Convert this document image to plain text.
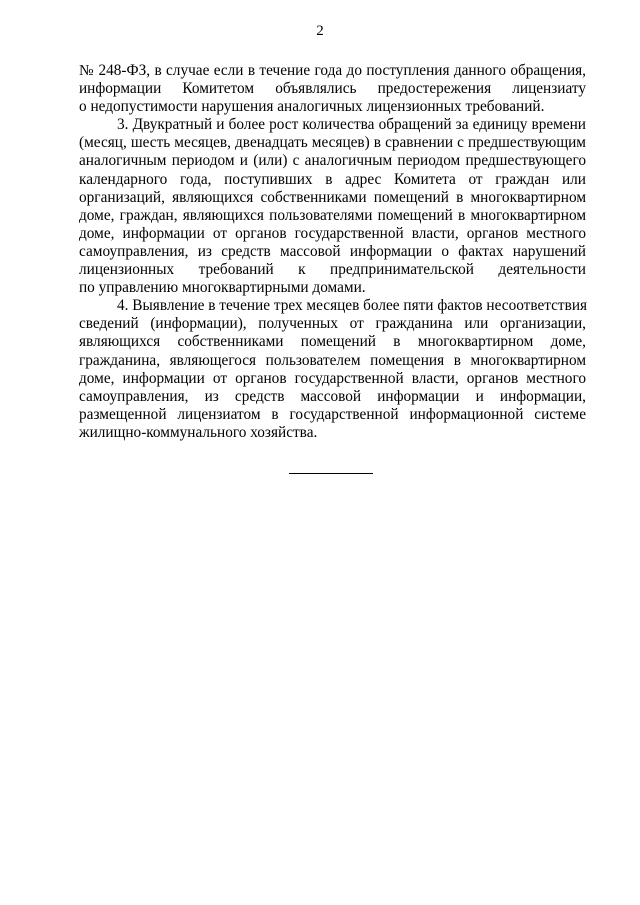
2
№ 248-ФЗ, в случае если в течение года до поступления данного обращения,
информации Комитетом объявлялись предостережения лицензиату
о недопустимости нарушения аналогичных лицензионных требований.
3. Двукратный и более рост количества обращений за единицу времени
(месяц, шесть месяцев, двенадцать месяцев) в сравнении с предшествующим
аналогичным периодом и (или) с аналогичным периодом предшествующего
календарного года, поступивших в адрес Комитета от граждан или
организаций, являющихся собственниками помещений в многоквартирном
доме, граждан, являющихся пользователями помещений в многоквартирном
доме, информации от органов государственной власти, органов местного
самоуправления, из средств массовой информации о фактах нарушений
лицензионных требований к предпринимательской деятельности
по управлению многоквартирными домами.
4. Выявление в течение трех месяцев более пяти фактов несоответствия
сведений (информации), полученных от гражданина или организации,
являющихся собственниками помещений в многоквартирном доме,
гражданина, являющегося пользователем помещения в многоквартирном
доме, информации от органов государственной власти, органов местного
самоуправления, из средств массовой информации и информации,
размещенной лицензиатом в государственной информационной системе
жилищно-коммунального хозяйства.
